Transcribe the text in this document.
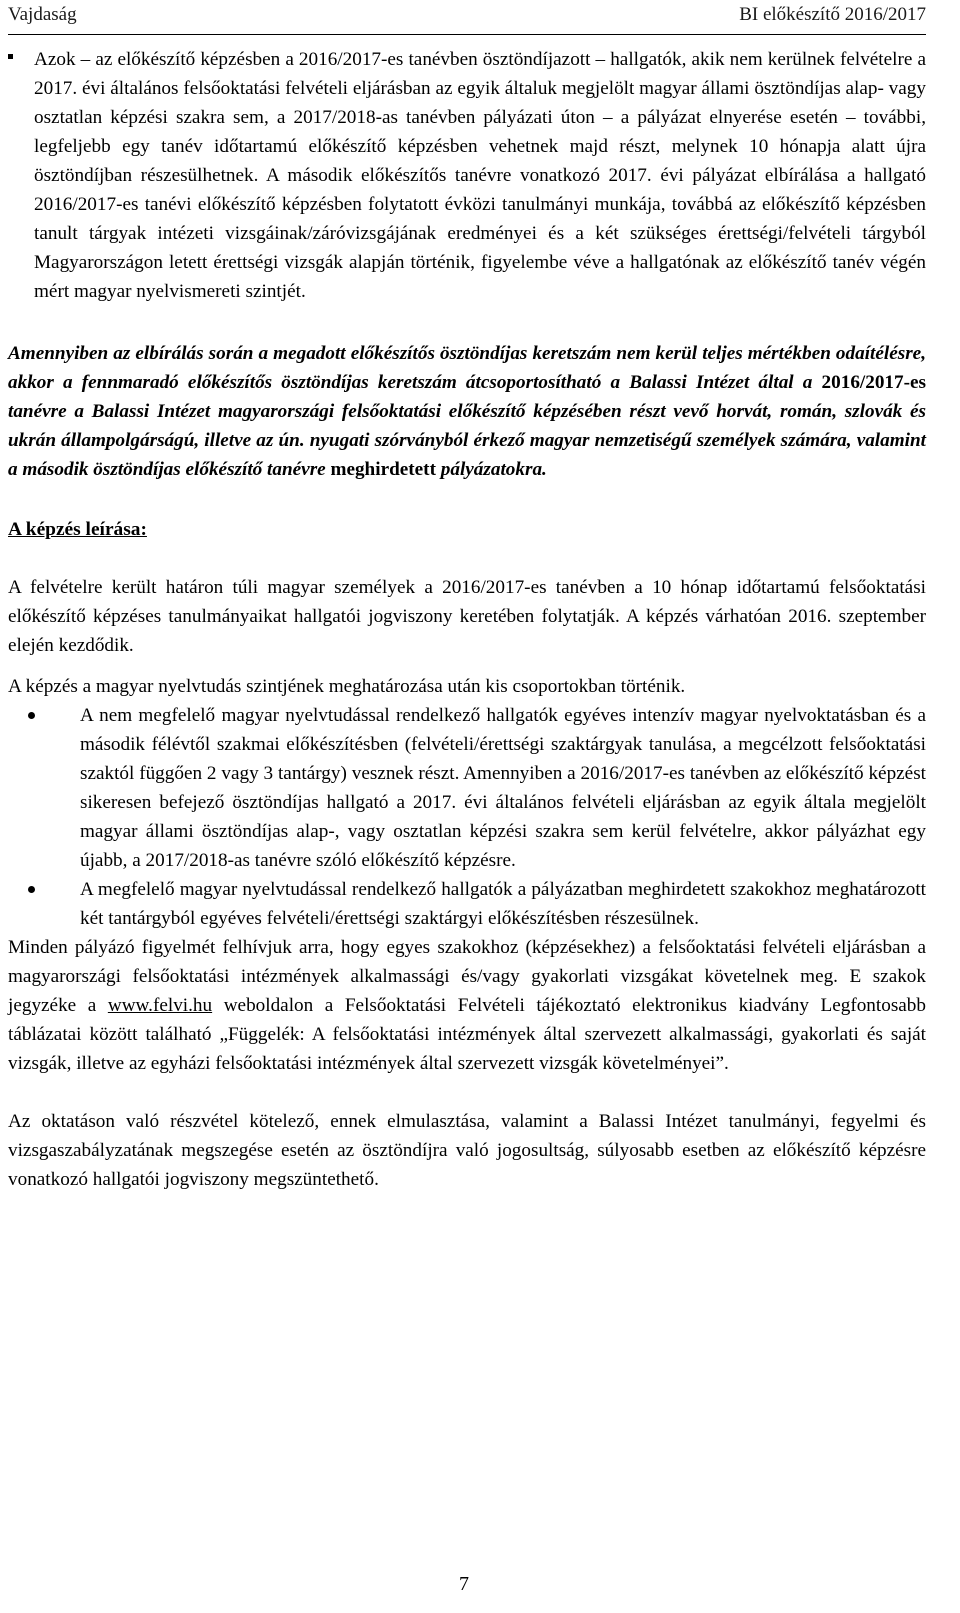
Vajdaság	BI előkészítő 2016/2017

Azok – az előkészítő képzésben a 2016/2017-es tanévben ösztöndíjazott – hallgatók, akik nem kerülnek felvételre a 2017. évi általános felsőoktatási felvételi eljárásban az egyik általuk megjelölt magyar állami ösztöndíjas alap- vagy osztatlan képzési szakra sem, a 2017/2018-as tanévben pályázati úton – a pályázat elnyerése esetén – további, legfeljebb egy tanév időtartamú előkészítő képzésben vehetnek majd részt, melynek 10 hónapja alatt újra ösztöndíjban részesülhetnek. A második előkészítős tanévre vonatkozó 2017. évi pályázat elbírálása a hallgató 2016/2017-es tanévi előkészítő képzésben folytatott évközi tanulmányi munkája, továbbá az előkészítő képzésben tanult tárgyak intézeti vizsgáinak/záróvizsgájának eredményei és a két szükséges érettségi/felvételi tárgyból Magyarországon letett érettségi vizsgák alapján történik, figyelembe véve a hallgatónak az előkészítő tanév végén mért magyar nyelvismereti szintjét.

Amennyiben az elbírálás során a megadott előkészítős ösztöndíjas keretszám nem kerül teljes mértékben odaítélésre, akkor a fennmaradó előkészítős ösztöndíjas keretszám átcsoportosítható a Balassi Intézet által a 2016/2017-es tanévre a Balassi Intézet magyarországi felsőoktatási előkészítő képzésében részt vevő horvát, román, szlovák és ukrán állampolgárságú, illetve az ún. nyugati szórványból érkező magyar nemzetiségű személyek számára, valamint a második ösztöndíjas előkészítő tanévre meghirdetett pályázatokra.

A képzés leírása:

A felvételre került határon túli magyar személyek a 2016/2017-es tanévben a 10 hónap időtartamú felsőoktatási előkészítő képzéses tanulmányaikat hallgatói jogviszony keretében folytatják. A képzés várhatóan 2016. szeptember elején kezdődik.

A képzés a magyar nyelvtudás szintjének meghatározása után kis csoportokban történik.

A nem megfelelő magyar nyelvtudással rendelkező hallgatók egyéves intenzív magyar nyelvoktatásban és a második félévtől szakmai előkészítésben (felvételi/érettségi szaktárgyak tanulása, a megcélzott felsőoktatási szaktól függően 2 vagy 3 tantárgy) vesznek részt. Amennyiben a 2016/2017-es tanévben az előkészítő képzést sikeresen befejező ösztöndíjas hallgató a 2017. évi általános felvételi eljárásban az egyik általa megjelölt magyar állami ösztöndíjas alap-, vagy osztatlan képzési szakra sem kerül felvételre, akkor pályázhat egy újabb, a 2017/2018-as tanévre szóló előkészítő képzésre.
A megfelelő magyar nyelvtudással rendelkező hallgatók a pályázatban meghirdetett szakokhoz meghatározott két tantárgyból egyéves felvételi/érettségi szaktárgyi előkészítésben részesülnek.

Minden pályázó figyelmét felhívjuk arra, hogy egyes szakokhoz (képzésekhez) a felsőoktatási felvételi eljárásban a magyarországi felsőoktatási intézmények alkalmassági és/vagy gyakorlati vizsgákat követelnek meg. E szakok jegyzéke a www.felvi.hu weboldalon a Felsőoktatási Felvételi tájékoztató elektronikus kiadvány Legfontosabb táblázatai között található „Függelék: A felsőoktatási intézmények által szervezett alkalmassági, gyakorlati és saját vizsgák, illetve az egyházi felsőoktatási intézmények által szervezett vizsgák követelményei”.

Az oktatáson való részvétel kötelező, ennek elmulasztása, valamint a Balassi Intézet tanulmányi, fegyelmi és vizsgaszabályzatának megszegése esetén az ösztöndíjra való jogosultság, súlyosabb esetben az előkészítő képzésre vonatkozó hallgatói jogviszony megszüntethető.

7
